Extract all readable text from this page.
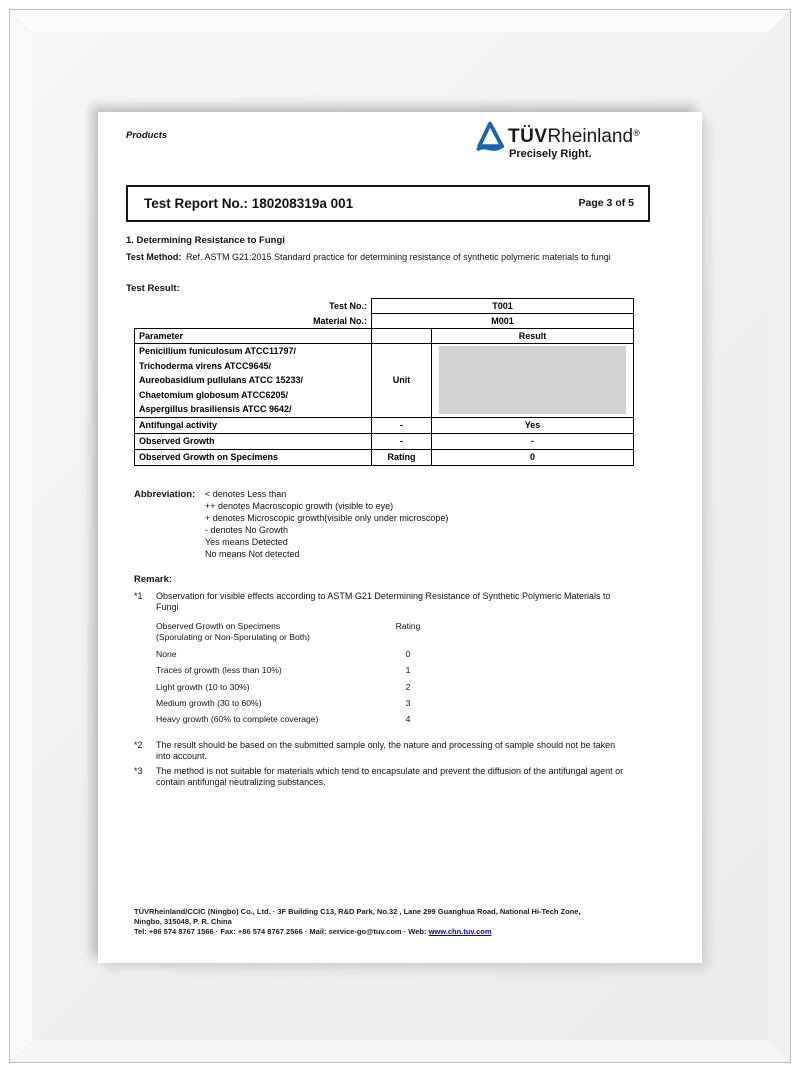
Products	TÜVRheinland®
Precisely Right.
Test Report No.: 180208319a 001	Page 3 of 5
1. Determining Resistance to Fungi
Test Method: Ref. ASTM G21:2015 Standard practice for determining resistance of synthetic polymeric materials to fungi
Test Result:
Test No.:	T001	
Material No.:	M001	
Parameter		Result

Penicillium funiculosum ATCC11797/
Trichoderma virens ATCC9645/
Aureobasidium pullulans ATCC 15233/
Chaetomium globosum ATCC6205/
Aspergillus brasiliensis ATCC 9642/	Unit	

Antifungal activity	-	Yes
Observed Growth	-	-
Observed Growth on Specimens	Rating	0
Abbreviation: < denotes Less than
++ denotes Macroscopic growth (visible to eye)
+ denotes Microscopic growth(visible only under microscope)
- denotes No Growth
Yes means Detected
No means Not detected
Remark:
*1 Observation for visible effects according to ASTM G21 Determining Resistance of Synthetic Polymeric Materials to Fungi
Observed Growth on Specimens
(Sporulating or Non-Sporulating or Both)
Rating
None	0
Traces of growth (less than 10%)	1
Light growth (10 to 30%)	2
Medium growth (30 to 60%)	3
Heavy growth (60% to complete coverage)	4
*2 The result should be based on the submitted sample only, the nature and processing of sample should not be taken into account.
*3 The method is not suitable for materials which tend to encapsulate and prevent the diffusion of the antifungal agent or contain antifungal neutralizing substances.
TÜVRheinland/CCIC (Ningbo) Co., Ltd. · 3F Building C13, R&D Park, No.32 , Lane 299 Guanghua Road, National Hi-Tech Zone,
Ningbo, 315048, P. R. China
Tel: +86 574 8767 1566 · Fax: +86 574 8767 2566 · Mail: service-go@tuv.com · Web: www.chn.tuv.com
